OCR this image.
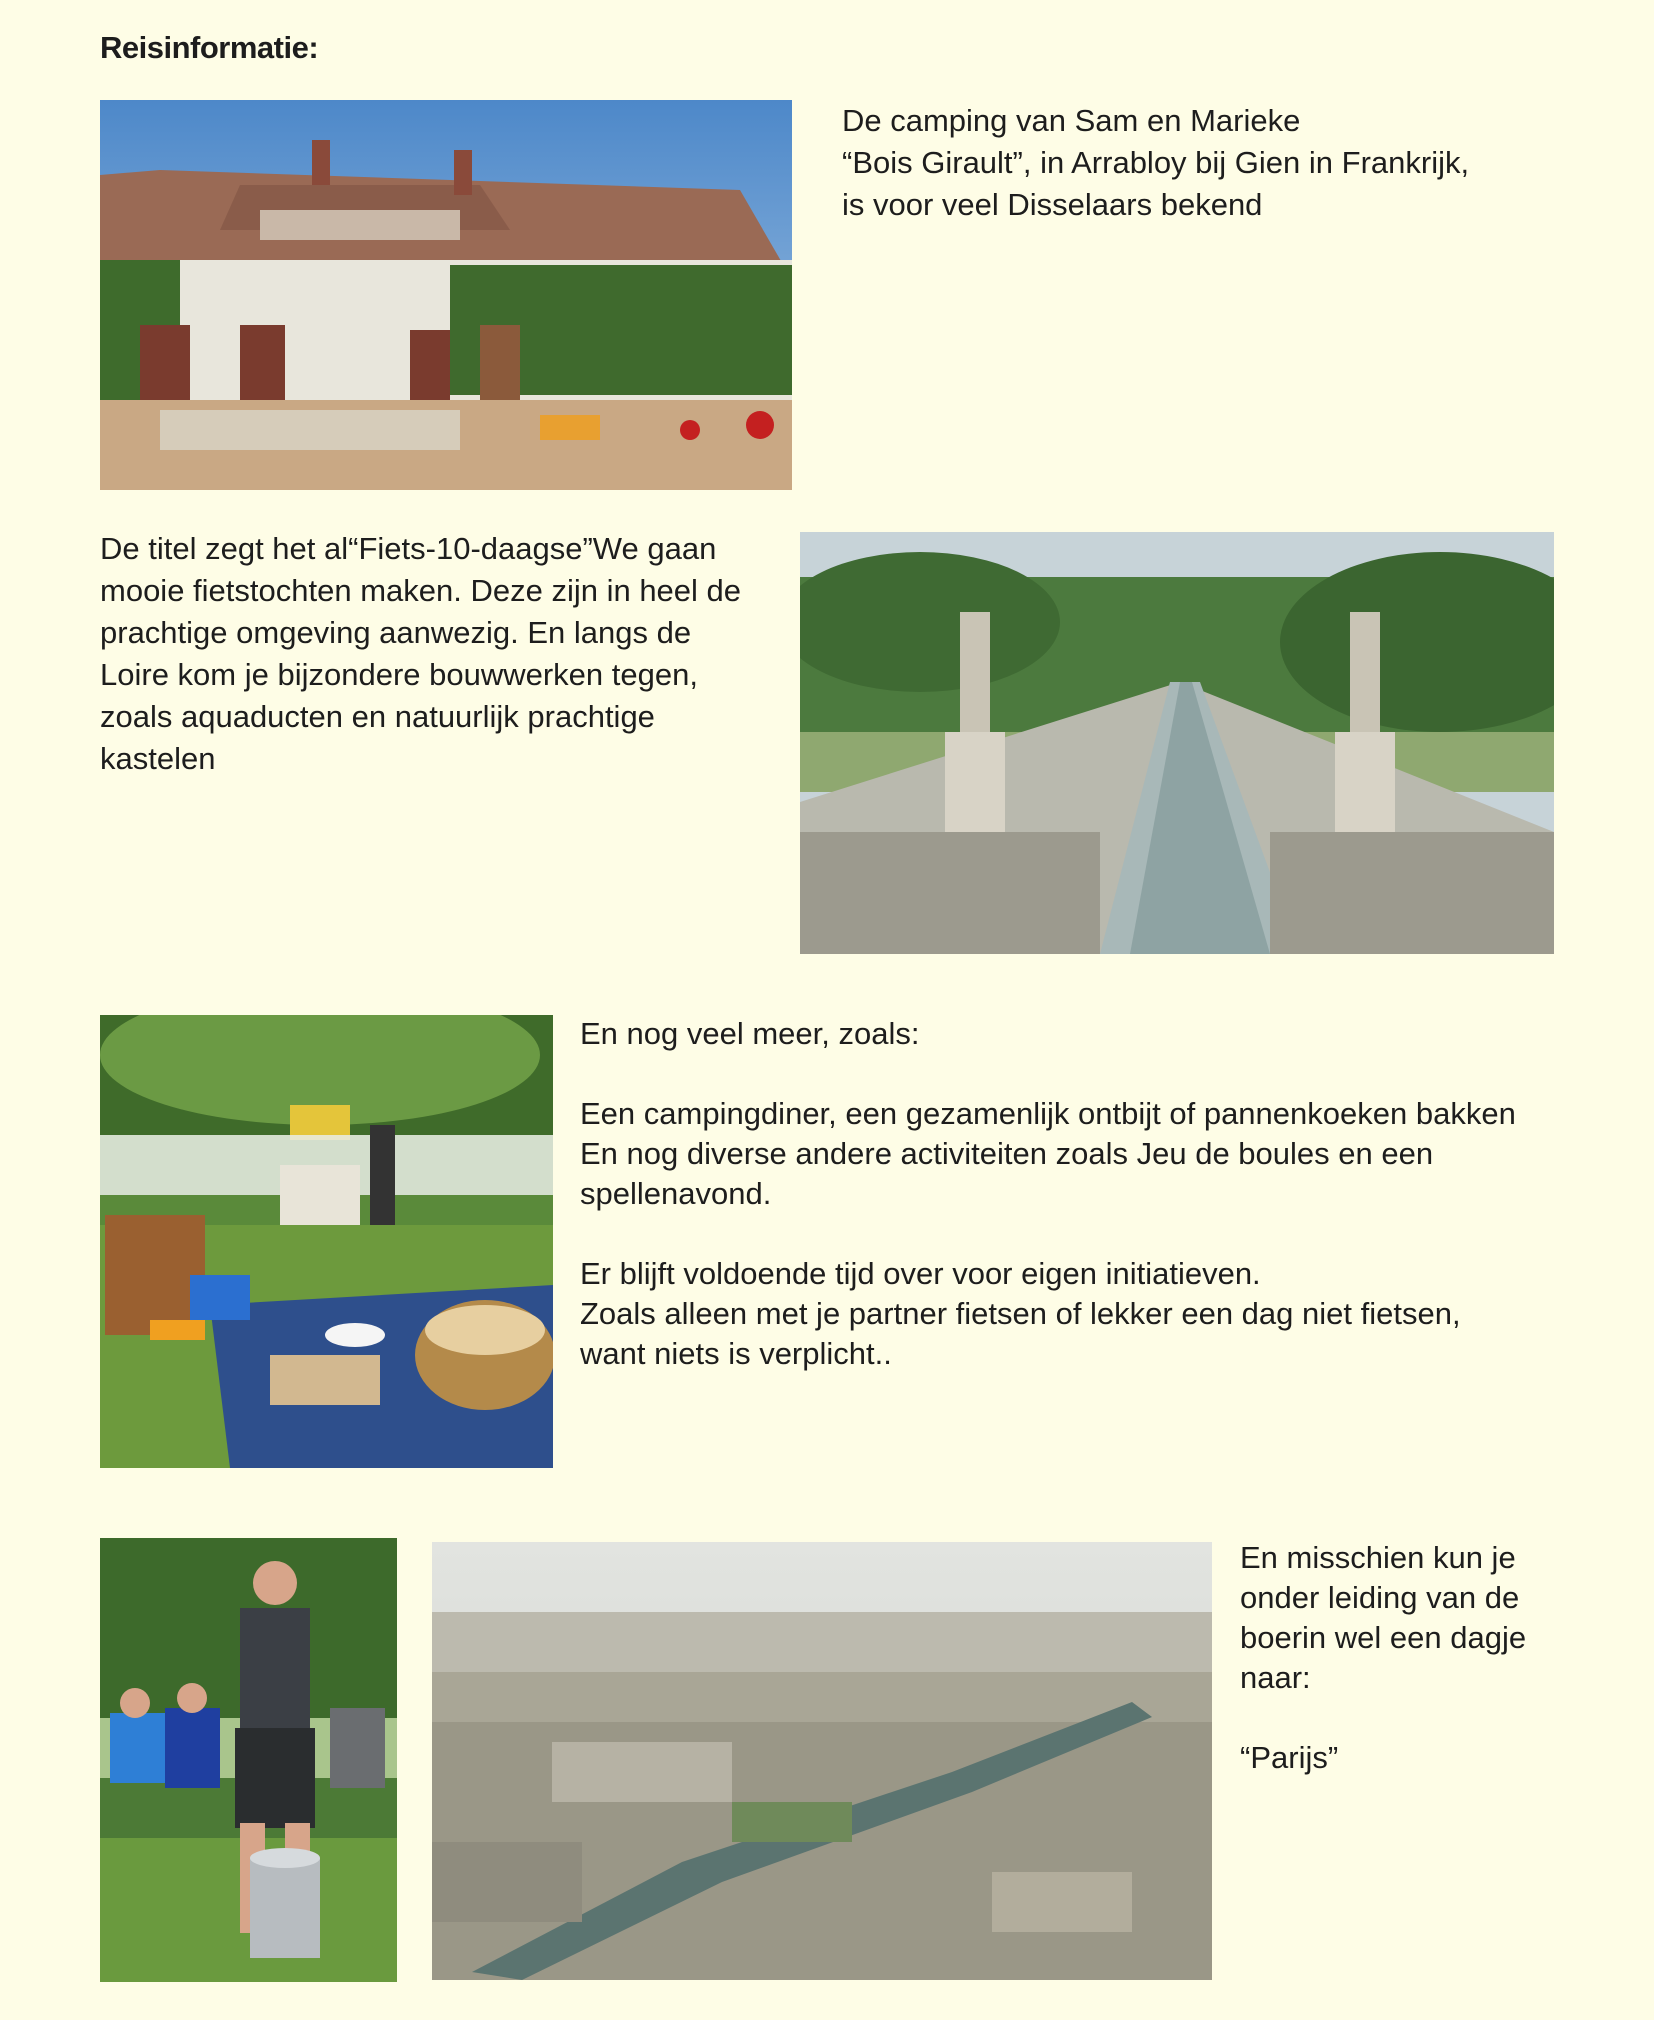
Reisinformatie:
De camping van Sam en Marieke
“Bois Girault”, in Arrabloy bij Gien in Frankrijk,
is voor veel Disselaars bekend
De titel zegt het al“Fiets-10-daagse”We gaan
mooie fietstochten maken. Deze zijn in heel de
prachtige omgeving aanwezig. En langs de
Loire kom je bijzondere bouwwerken tegen,
zoals aquaducten en natuurlijk prachtige
kastelen
En nog veel meer, zoals:

Een campingdiner, een gezamenlijk ontbijt of pannenkoeken bakken
En nog diverse andere activiteiten zoals Jeu de boules en een
spellenavond.

Er blijft voldoende tijd over voor eigen initiatieven.
Zoals alleen met je partner fietsen of lekker een dag niet fietsen,
want niets is verplicht..
En misschien kun je
onder leiding van de
boerin wel een dagje
naar:

“Parijs”
